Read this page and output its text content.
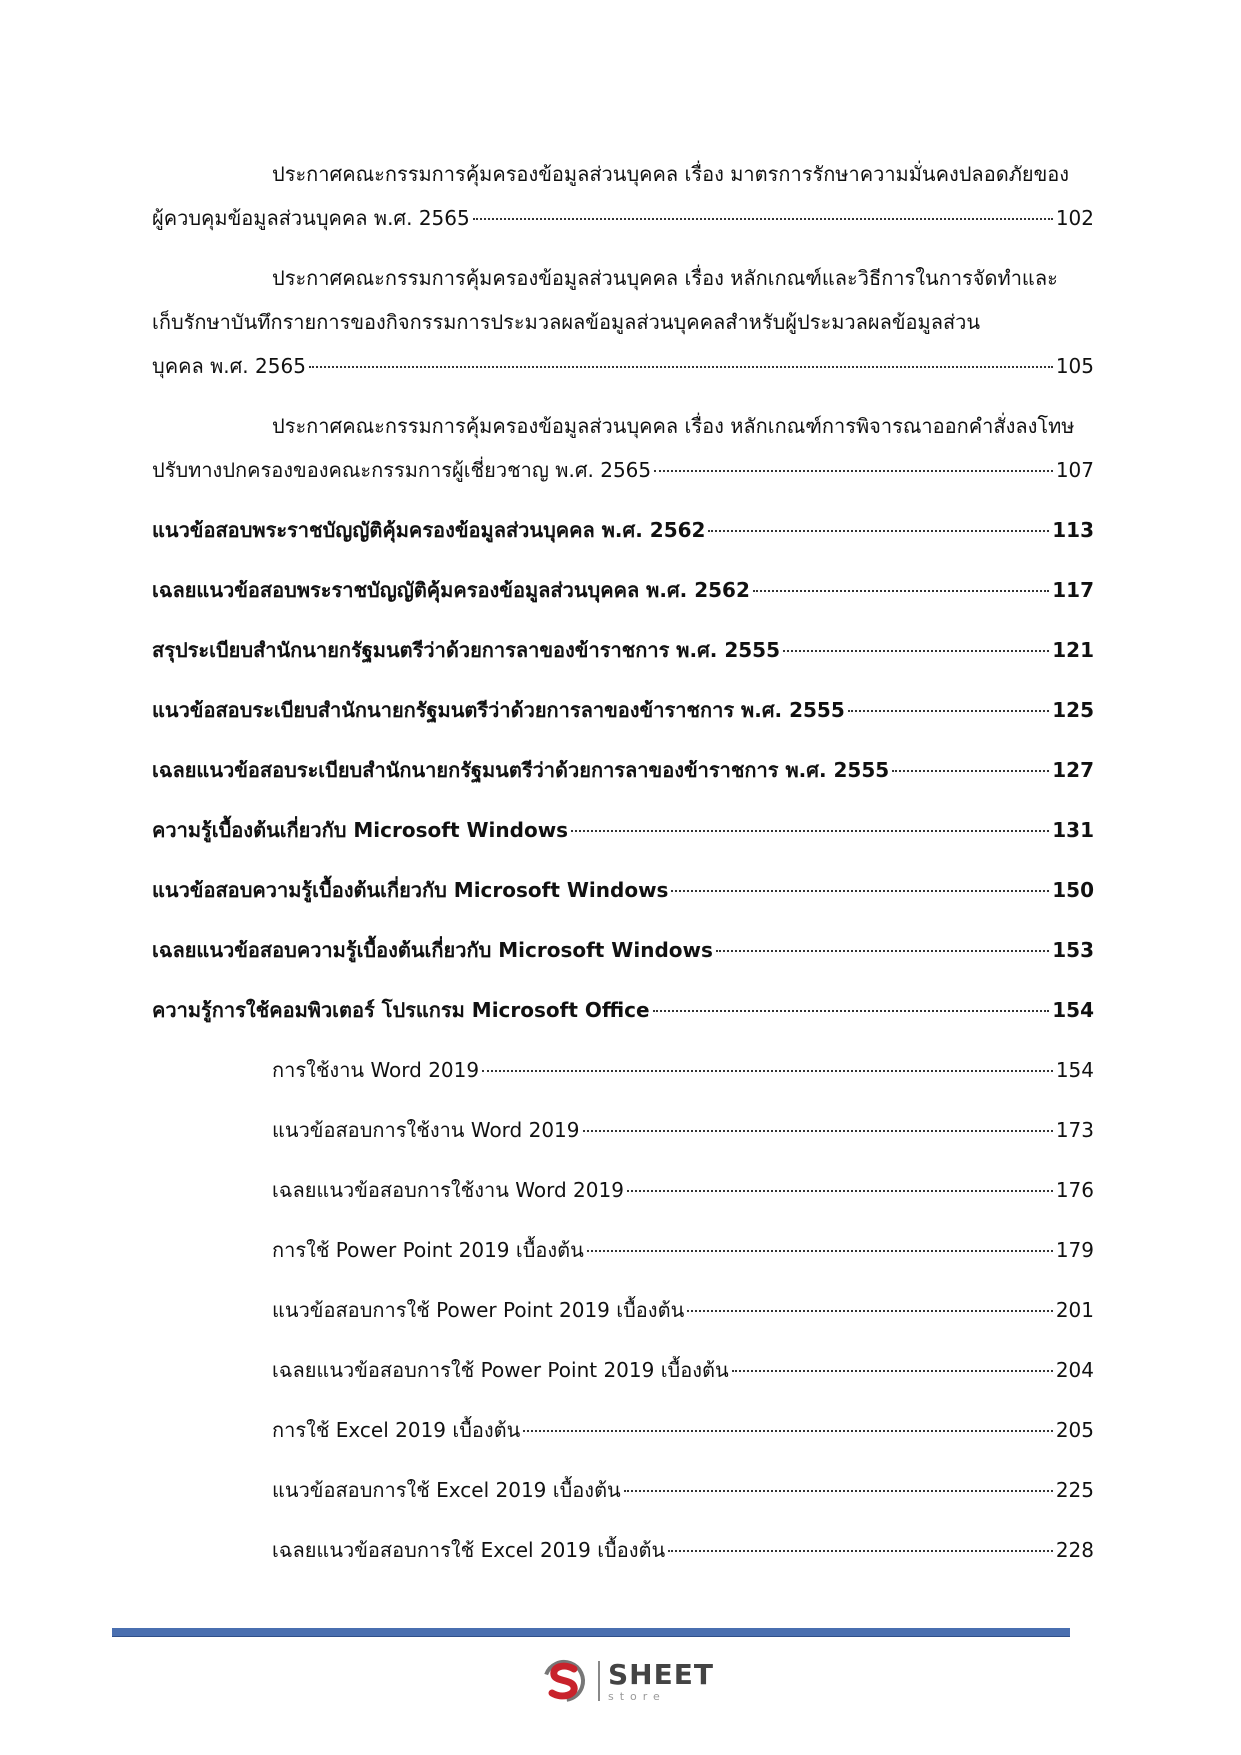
ประกาศคณะกรรมการคุ้มครองข้อมูลส่วนบุคคล เรื่อง มาตรการรักษาความมั่นคงปลอดภัยของ
ผู้ควบคุมข้อมูลส่วนบุคคล พ.ศ. 2565	102
ประกาศคณะกรรมการคุ้มครองข้อมูลส่วนบุคคล เรื่อง หลักเกณฑ์และวิธีการในการจัดทำและ
เก็บรักษาบันทึกรายการของกิจกรรมการประมวลผลข้อมูลส่วนบุคคลสำหรับผู้ประมวลผลข้อมูลส่วน
บุคคล พ.ศ. 2565	105
ประกาศคณะกรรมการคุ้มครองข้อมูลส่วนบุคคล เรื่อง หลักเกณฑ์การพิจารณาออกคำสั่งลงโทษ
ปรับทางปกครองของคณะกรรมการผู้เชี่ยวชาญ พ.ศ. 2565	107
แนวข้อสอบพระราชบัญญัติคุ้มครองข้อมูลส่วนบุคคล พ.ศ. 2562	113
เฉลยแนวข้อสอบพระราชบัญญัติคุ้มครองข้อมูลส่วนบุคคล พ.ศ. 2562	117
สรุประเบียบสำนักนายกรัฐมนตรีว่าด้วยการลาของข้าราชการ พ.ศ. 2555	121
แนวข้อสอบระเบียบสำนักนายกรัฐมนตรีว่าด้วยการลาของข้าราชการ พ.ศ. 2555	125
เฉลยแนวข้อสอบระเบียบสำนักนายกรัฐมนตรีว่าด้วยการลาของข้าราชการ พ.ศ. 2555	127
ความรู้เบื้องต้นเกี่ยวกับ Microsoft Windows	131
แนวข้อสอบความรู้เบื้องต้นเกี่ยวกับ Microsoft Windows	150
เฉลยแนวข้อสอบความรู้เบื้องต้นเกี่ยวกับ Microsoft Windows	153
ความรู้การใช้คอมพิวเตอร์ โปรแกรม Microsoft Office	154
การใช้งาน Word 2019	154
แนวข้อสอบการใช้งาน Word 2019	173
เฉลยแนวข้อสอบการใช้งาน Word 2019	176
การใช้ Power Point 2019 เบื้องต้น	179
แนวข้อสอบการใช้ Power Point 2019 เบื้องต้น	201
เฉลยแนวข้อสอบการใช้ Power Point 2019 เบื้องต้น	204
การใช้ Excel 2019 เบื้องต้น	205
แนวข้อสอบการใช้ Excel 2019 เบื้องต้น	225
เฉลยแนวข้อสอบการใช้ Excel 2019 เบื้องต้น	228
SHEET
store
